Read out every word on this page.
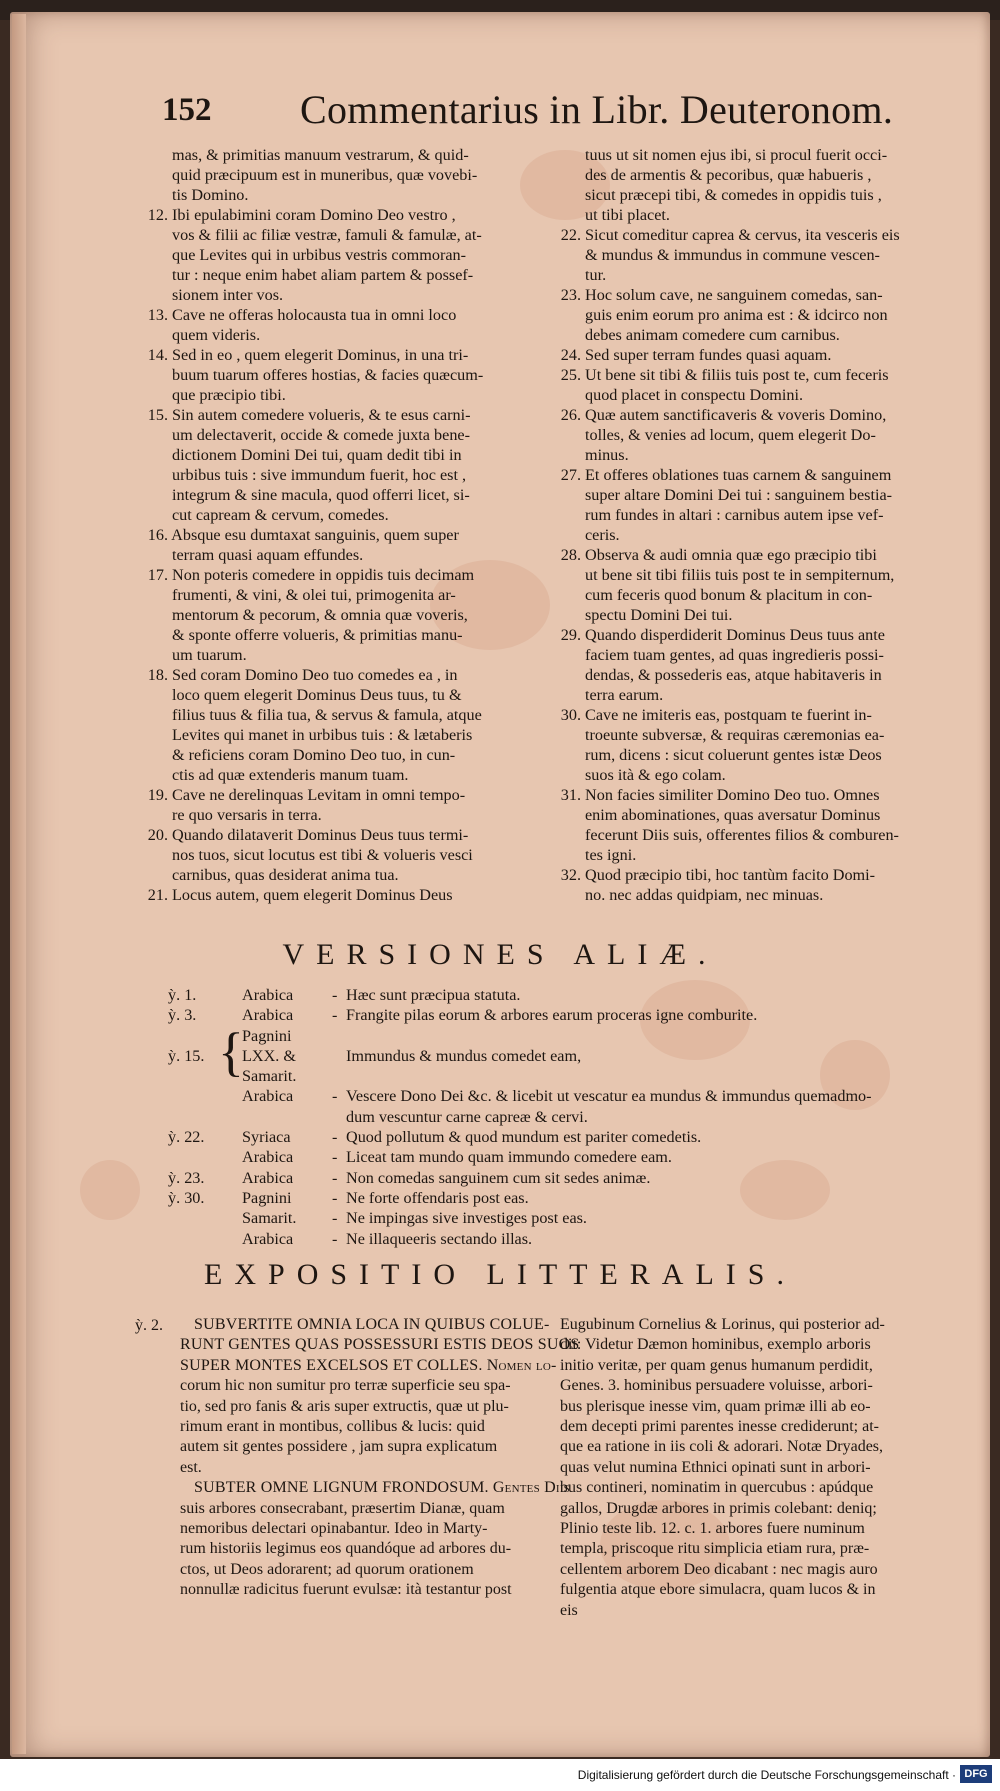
152 Commentarius in Libr. Deuteronom.
mas, & primitias manuum vestrarum, & quid-
quid præcipuum est in muneribus, quæ vovebi-
tis Domino.
12. Ibi epulabimini coram Domino Deo vestro ,
vos & filii ac filiæ vestræ, famuli & famulæ, at-
que Levites qui in urbibus vestris commoran-
tur : neque enim habet aliam partem & possef-
sionem inter vos.
13. Cave ne offeras holocausta tua in omni loco
quem videris.
14. Sed in eo , quem elegerit Dominus, in una tri-
buum tuarum offeres hostias, & facies quæcum-
que præcipio tibi.
15. Sin autem comedere volueris, & te esus carni-
um delectaverit, occide & comede juxta bene-
dictionem Domini Dei tui, quam dedit tibi in
urbibus tuis : sive immundum fuerit, hoc est ,
integrum & sine macula, quod offerri licet, si-
cut capream & cervum, comedes.
16. Absque esu dumtaxat sanguinis, quem super
terram quasi aquam effundes.
17. Non poteris comedere in oppidis tuis decimam
frumenti, & vini, & olei tui, primogenita ar-
mentorum & pecorum, & omnia quæ voveris,
& sponte offerre volueris, & primitias manu-
um tuarum.
18. Sed coram Domino Deo tuo comedes ea , in
loco quem elegerit Dominus Deus tuus, tu &
filius tuus & filia tua, & servus & famula, atque
Levites qui manet in urbibus tuis : & lætaberis
& reficiens coram Domino Deo tuo, in cun-
ctis ad quæ extenderis manum tuam.
19. Cave ne derelinquas Levitam in omni tempo-
re quo versaris in terra.
20. Quando dilataverit Dominus Deus tuus termi-
nos tuos, sicut locutus est tibi & volueris vesci
carnibus, quas desiderat anima tua.
21. Locus autem, quem elegerit Dominus Deus
tuus ut sit nomen ejus ibi, si procul fuerit occi-
des de armentis & pecoribus, quæ habueris ,
sicut præcepi tibi, & comedes in oppidis tuis ,
ut tibi placet.
22. Sicut comeditur caprea & cervus, ita vesceris eis
& mundus & immundus in commune vescen-
tur.
23. Hoc solum cave, ne sanguinem comedas, san-
guis enim eorum pro anima est : & idcirco non
debes animam comedere cum carnibus.
24. Sed super terram fundes quasi aquam.
25. Ut bene sit tibi & filiis tuis post te, cum feceris
quod placet in conspectu Domini.
26. Quæ autem sanctificaveris & voveris Domino,
tolles, & venies ad locum, quem elegerit Do-
minus.
27. Et offeres oblationes tuas carnem & sanguinem
super altare Domini Dei tui : sanguinem bestia-
rum fundes in altari : carnibus autem ipse vef-
ceris.
28. Observa & audi omnia quæ ego præcipio tibi
ut bene sit tibi filiis tuis post te in sempiternum,
cum feceris quod bonum & placitum in con-
spectu Domini Dei tui.
29. Quando disperdiderit Dominus Deus tuus ante
faciem tuam gentes, ad quas ingredieris possi-
dendas, & possederis eas, atque habitaveris in
terra earum.
30. Cave ne imiteris eas, postquam te fuerint in-
troeunte subversæ, & requiras cæremonias ea-
rum, dicens : sicut coluerunt gentes istæ Deos
suos ità & ego colam.
31. Non facies similiter Domino Deo tuo. Omnes
enim abominationes, quas aversatur Dominus
fecerunt Diis suis, offerentes filios & comburen-
tes igni.
32. Quod præcipio tibi, hoc tantùm facito Domi-
no. nec addas quidpiam, nec minuas.
VERSIONES ALIÆ.
{
ỳ. 1.	Arabica - Hæc sunt præcipua statuta.
ỳ. 3.	Arabica - Frangite pilas eorum & arbores earum proceras igne comburite.
Pagnini
ỳ. 15. LXX. &	Immundus & mundus comedet eam,
Samarit.
Arabica - Vescere Dono Dei &c. & licebit ut vescatur ea mundus & immundus quemadmo-
dum vescuntur carne capreæ & cervi.
ỳ. 22. Syriaca	- Quod pollutum & quod mundum est pariter comedetis.
Arabica - Liceat tam mundo quam immundo comedere eam.
ỳ. 23. Arabica - Non comedas sanguinem cum sit sedes animæ.
ỳ. 30. Pagnini	- Ne forte offendaris post eas.
Samarit. - Ne impingas sive investiges post eas.
Arabica - Ne illaqueeris sectando illas.
EXPOSITIO LITTERALIS.
ỳ. 2.	SUBVERTITE OMNIA LOCA IN QUIBUS COLUE-
RUNT GENTES QUAS POSSESSURI ESTIS DEOS SUOS
SUPER MONTES EXCELSOS ET COLLES. Nomen lo-
corum hic non sumitur pro terræ superficie seu spa-
tio, sed pro fanis & aris super extructis, quæ ut plu-
rimum erant in montibus, collibus & lucis: quid
autem sit gentes possidere , jam supra explicatum
est.
SUBTER OMNE LIGNUM FRONDOSUM. Gentes Diis
suis arbores consecrabant, præsertim Dianæ, quam
nemoribus delectari opinabantur. Ideo in Marty-
rum historiis legimus eos quandóque ad arbores du-
ctos, ut Deos adorarent; ad quorum orationem
nonnullæ radicitus fuerunt evulsæ: ità testantur post
Eugubinum Cornelius & Lorinus, qui posterior ad-
dit: Videtur Dæmon hominibus, exemplo arboris
initio veritæ, per quam genus humanum perdidit,
Genes. 3. hominibus persuadere voluisse, arbori-
bus plerisque inesse vim, quam primæ illi ab eo-
dem decepti primi parentes inesse crediderunt; at-
que ea ratione in iis coli & adorari. Notæ Dryades,
quas velut numina Ethnici opinati sunt in arbori-
bus contineri, nominatim in quercubus : apúdque
gallos, Drugdæ arbores in primis colebant: deniq;
Plinio teste lib. 12. c. 1. arbores fuere numinum
templa, priscoque ritu simplicia etiam rura, præ-
cellentem arborem Deo dicabant : nec magis auro
fulgentia atque ebore simulacra, quam lucos & in
eis
Digitalisierung gefördert durch die Deutsche Forschungsgemeinschaft · DFG
